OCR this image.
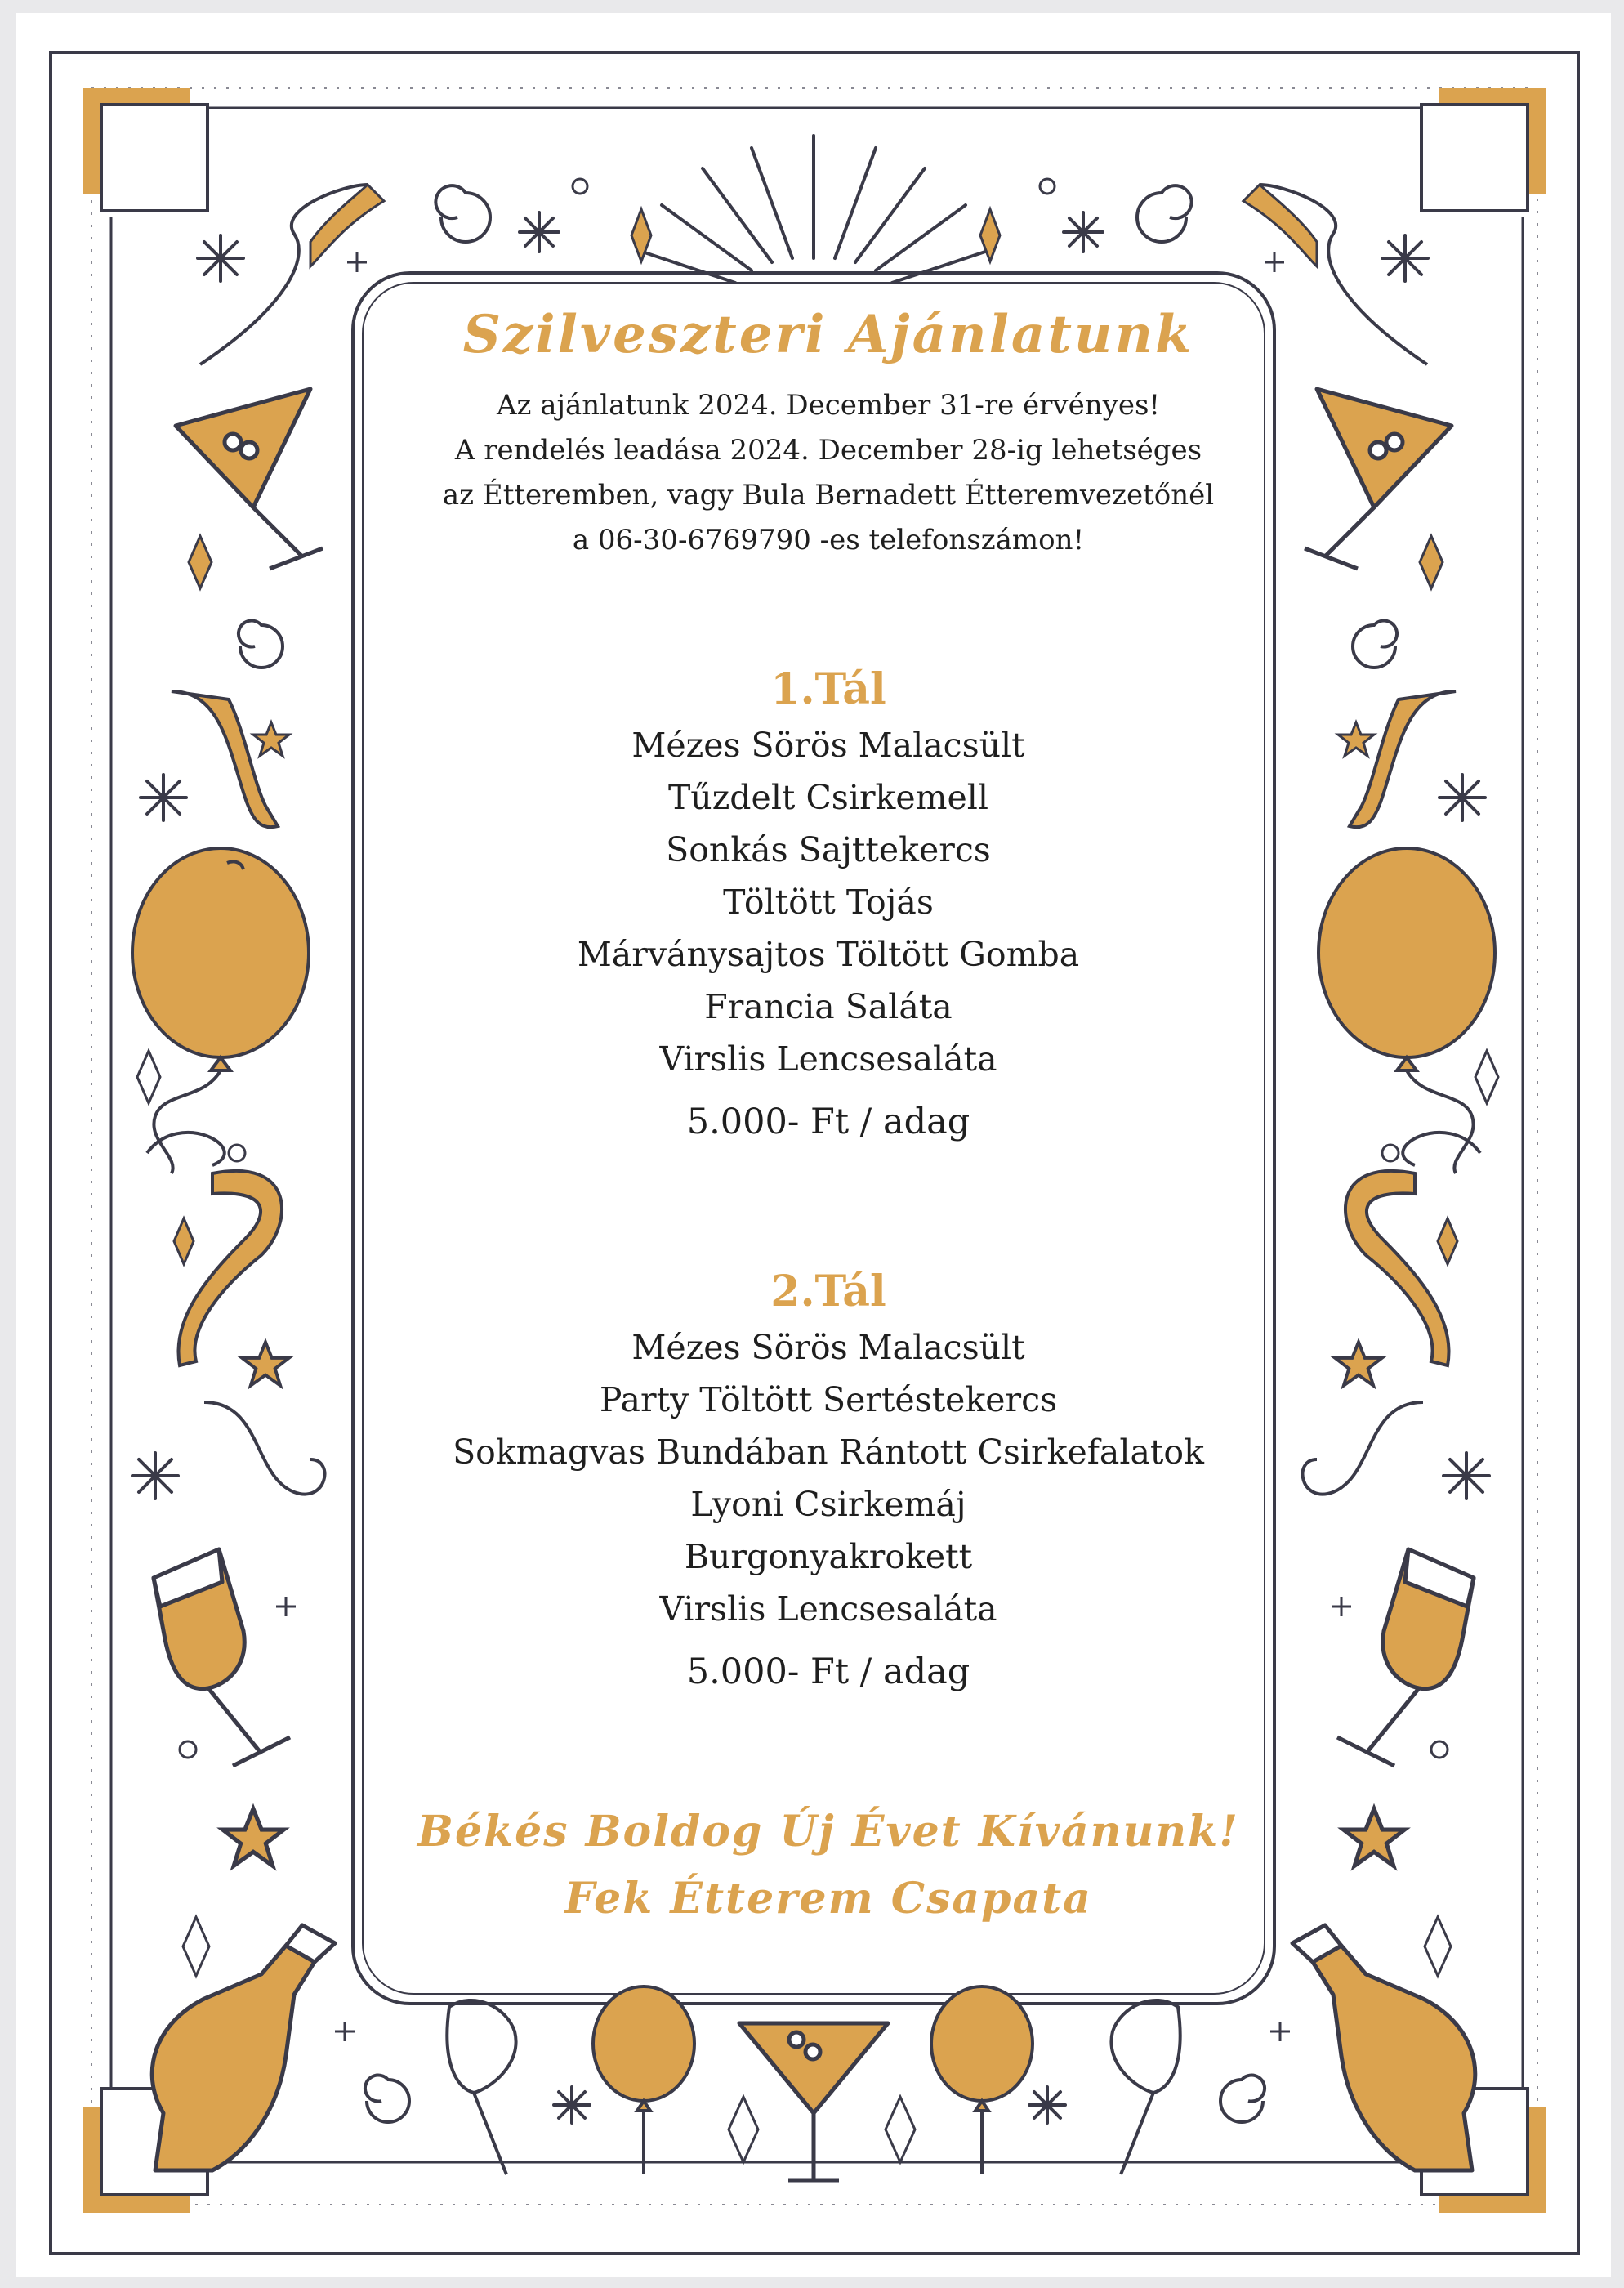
Szilveszteri Ajánlatunk
Az ajánlatunk 2024. December 31-re érvényes!
A rendelés leadása 2024. December 28-ig lehetséges
az Étteremben, vagy Bula Bernadett Étteremvezetőnél
a 06-30-6769790 -es telefonszámon!
1.Tál
Mézes Sörös Malacsült
Tűzdelt Csirkemell
Sonkás Sajttekercs
Töltött Tojás
Márványsajtos Töltött Gomba
Francia Saláta
Virslis Lencsesaláta
5.000- Ft / adag
2.Tál
Mézes Sörös Malacsült
Party Töltött Sertéstekercs
Sokmagvas Bundában Rántott Csirkefalatok
Lyoni Csirkemáj
Burgonyakrokett
Virslis Lencsesaláta
5.000- Ft / adag
Békés Boldog Új Évet Kívánunk!
Fek Étterem Csapata
